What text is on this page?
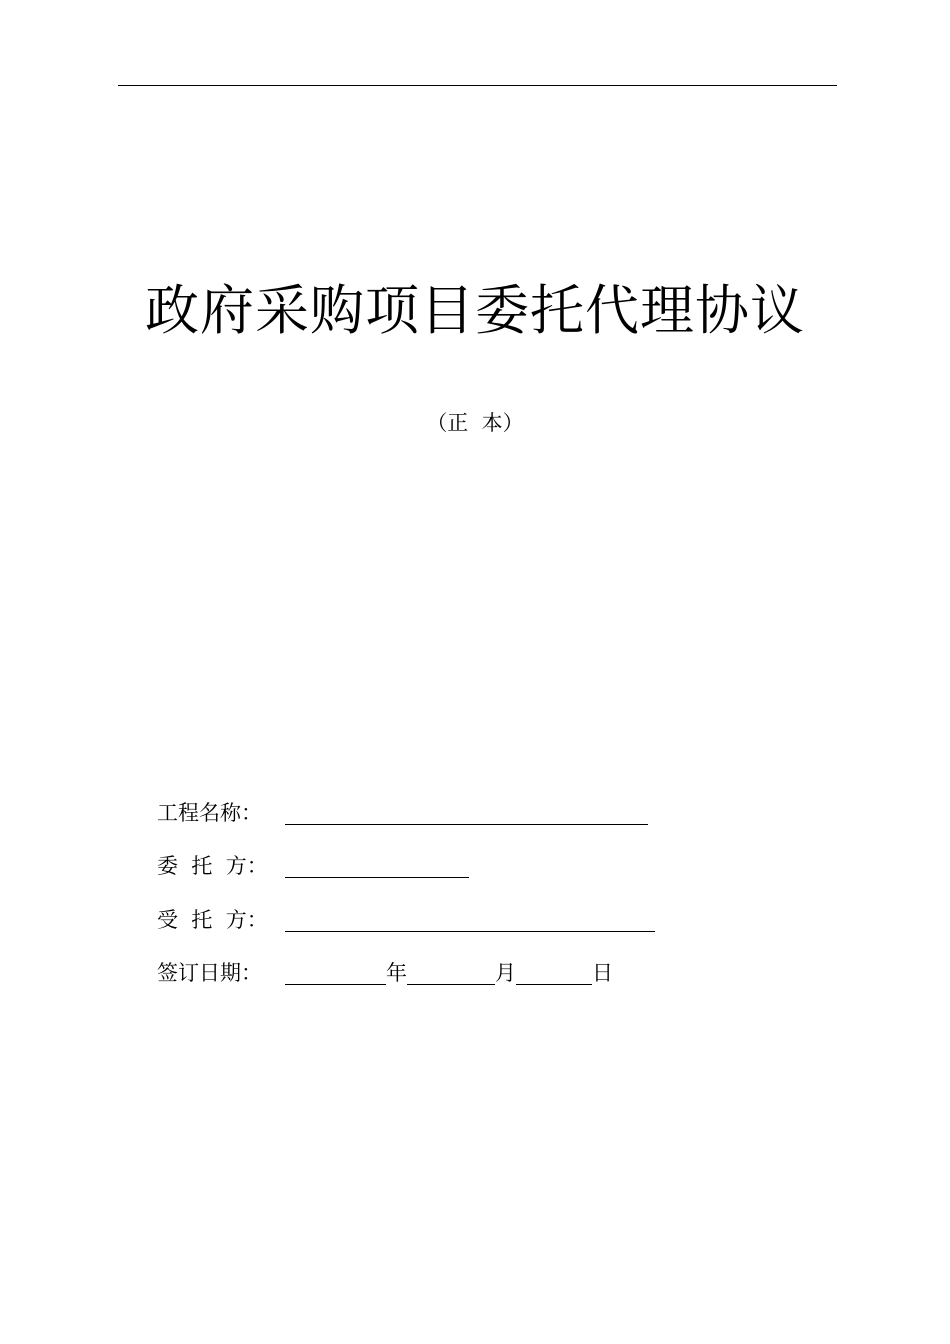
政府采购项目委托代理协议
（正  本）
工程名称：
委  托  方：
受  托  方：
签订日期：	年	月	日
